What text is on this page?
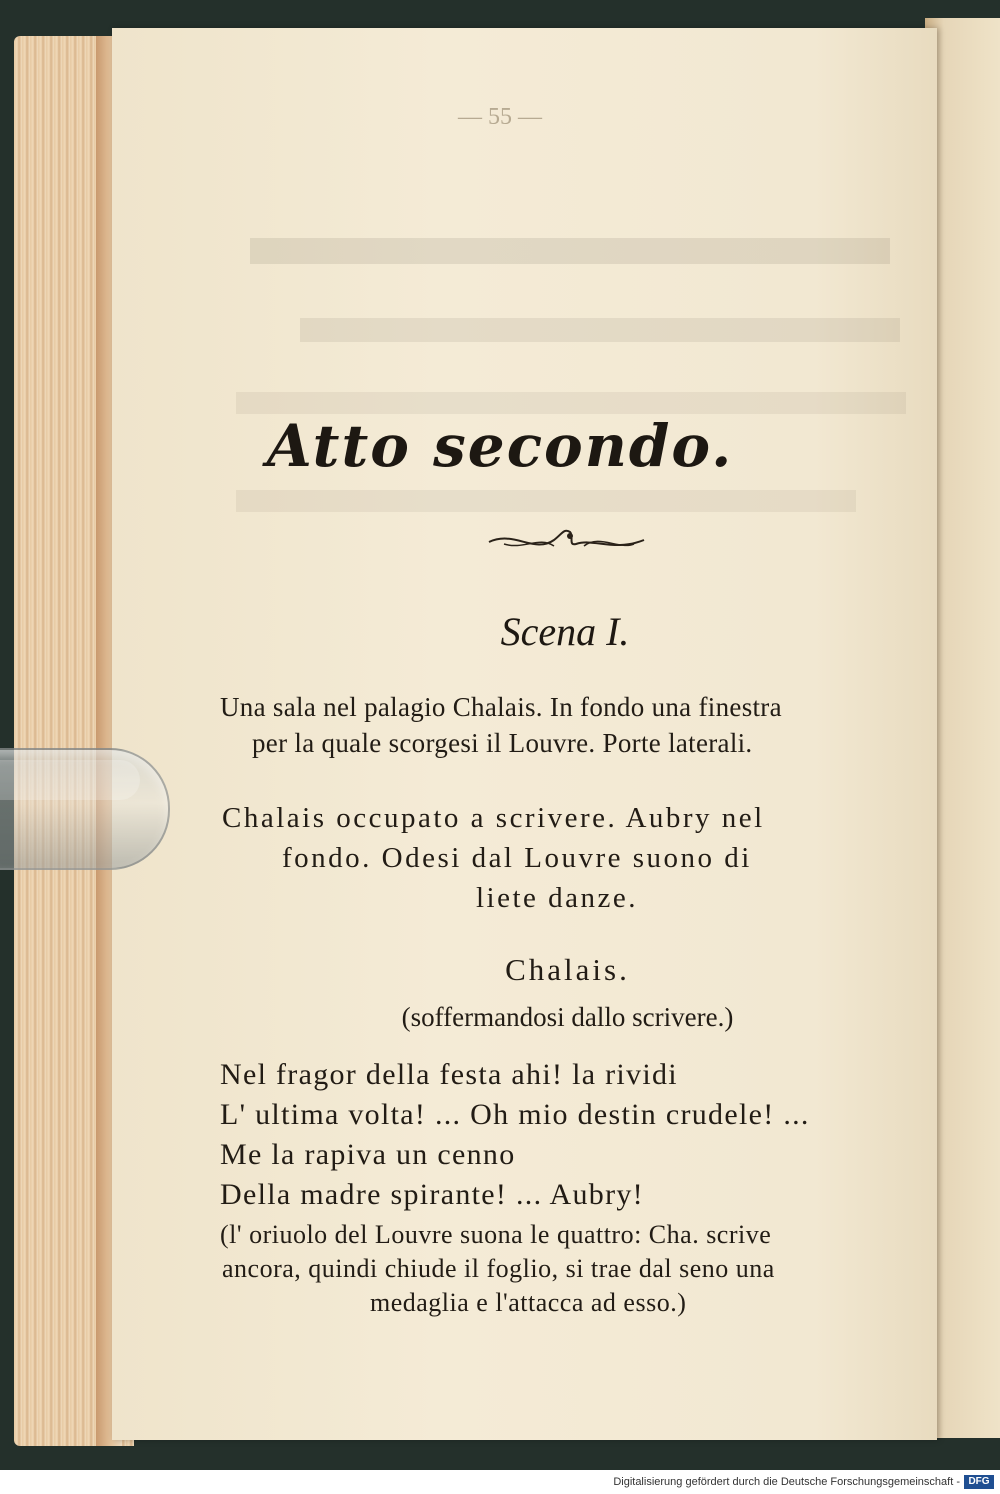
— 55 —
Atto secondo.
Scena I.
Una sala nel palagio Chalais. In fondo una finestra
per la quale scorgesi il Louvre. Porte laterali.
Chalais occupato a scrivere. Aubry nel
fondo. Odesi dal Louvre suono di
liete danze.
Chalais.
(soffermandosi dallo scrivere.)
Nel fragor della festa ahi! la rividi
L' ultima volta! ... Oh mio destin crudele! ...
Me la rapiva un cenno
Della madre spirante! ... Aubry!
(l' oriuolo del Louvre suona le quattro: Cha. scrive
ancora, quindi chiude il foglio, si trae dal seno una
medaglia e l'attacca ad esso.)
Digitalisierung gefördert durch die Deutsche Forschungsgemeinschaft - DFG
